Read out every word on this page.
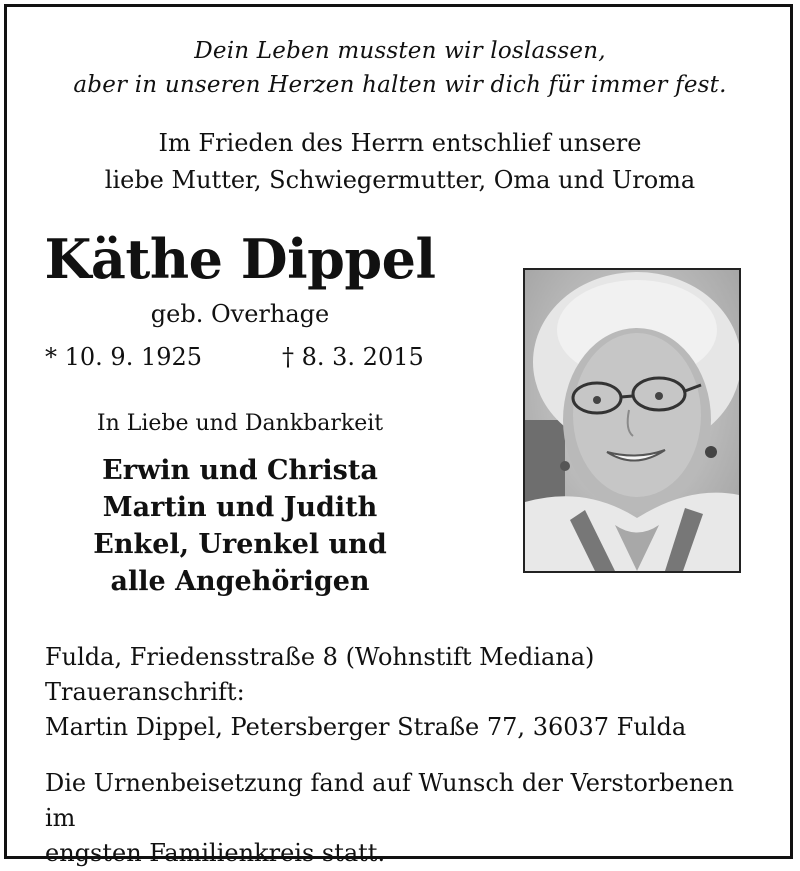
Dein Leben mussten wir loslassen,
aber in unseren Herzen halten wir dich für immer fest.
Im Frieden des Herrn entschlief unsere
liebe Mutter, Schwiegermutter, Oma und Uroma
Käthe Dippel
geb. Overhage
* 10. 9. 1925	† 8. 3. 2015
In Liebe und Dankbarkeit
Erwin und Christa
Martin und Judith
Enkel, Urenkel und
alle Angehörigen
Fulda, Friedensstraße 8 (Wohnstift Mediana)
Traueranschrift:
Martin Dippel, Petersberger Straße 77, 36037 Fulda
Die Urnenbeisetzung fand auf Wunsch der Verstorbenen im
engsten Familienkreis statt.
